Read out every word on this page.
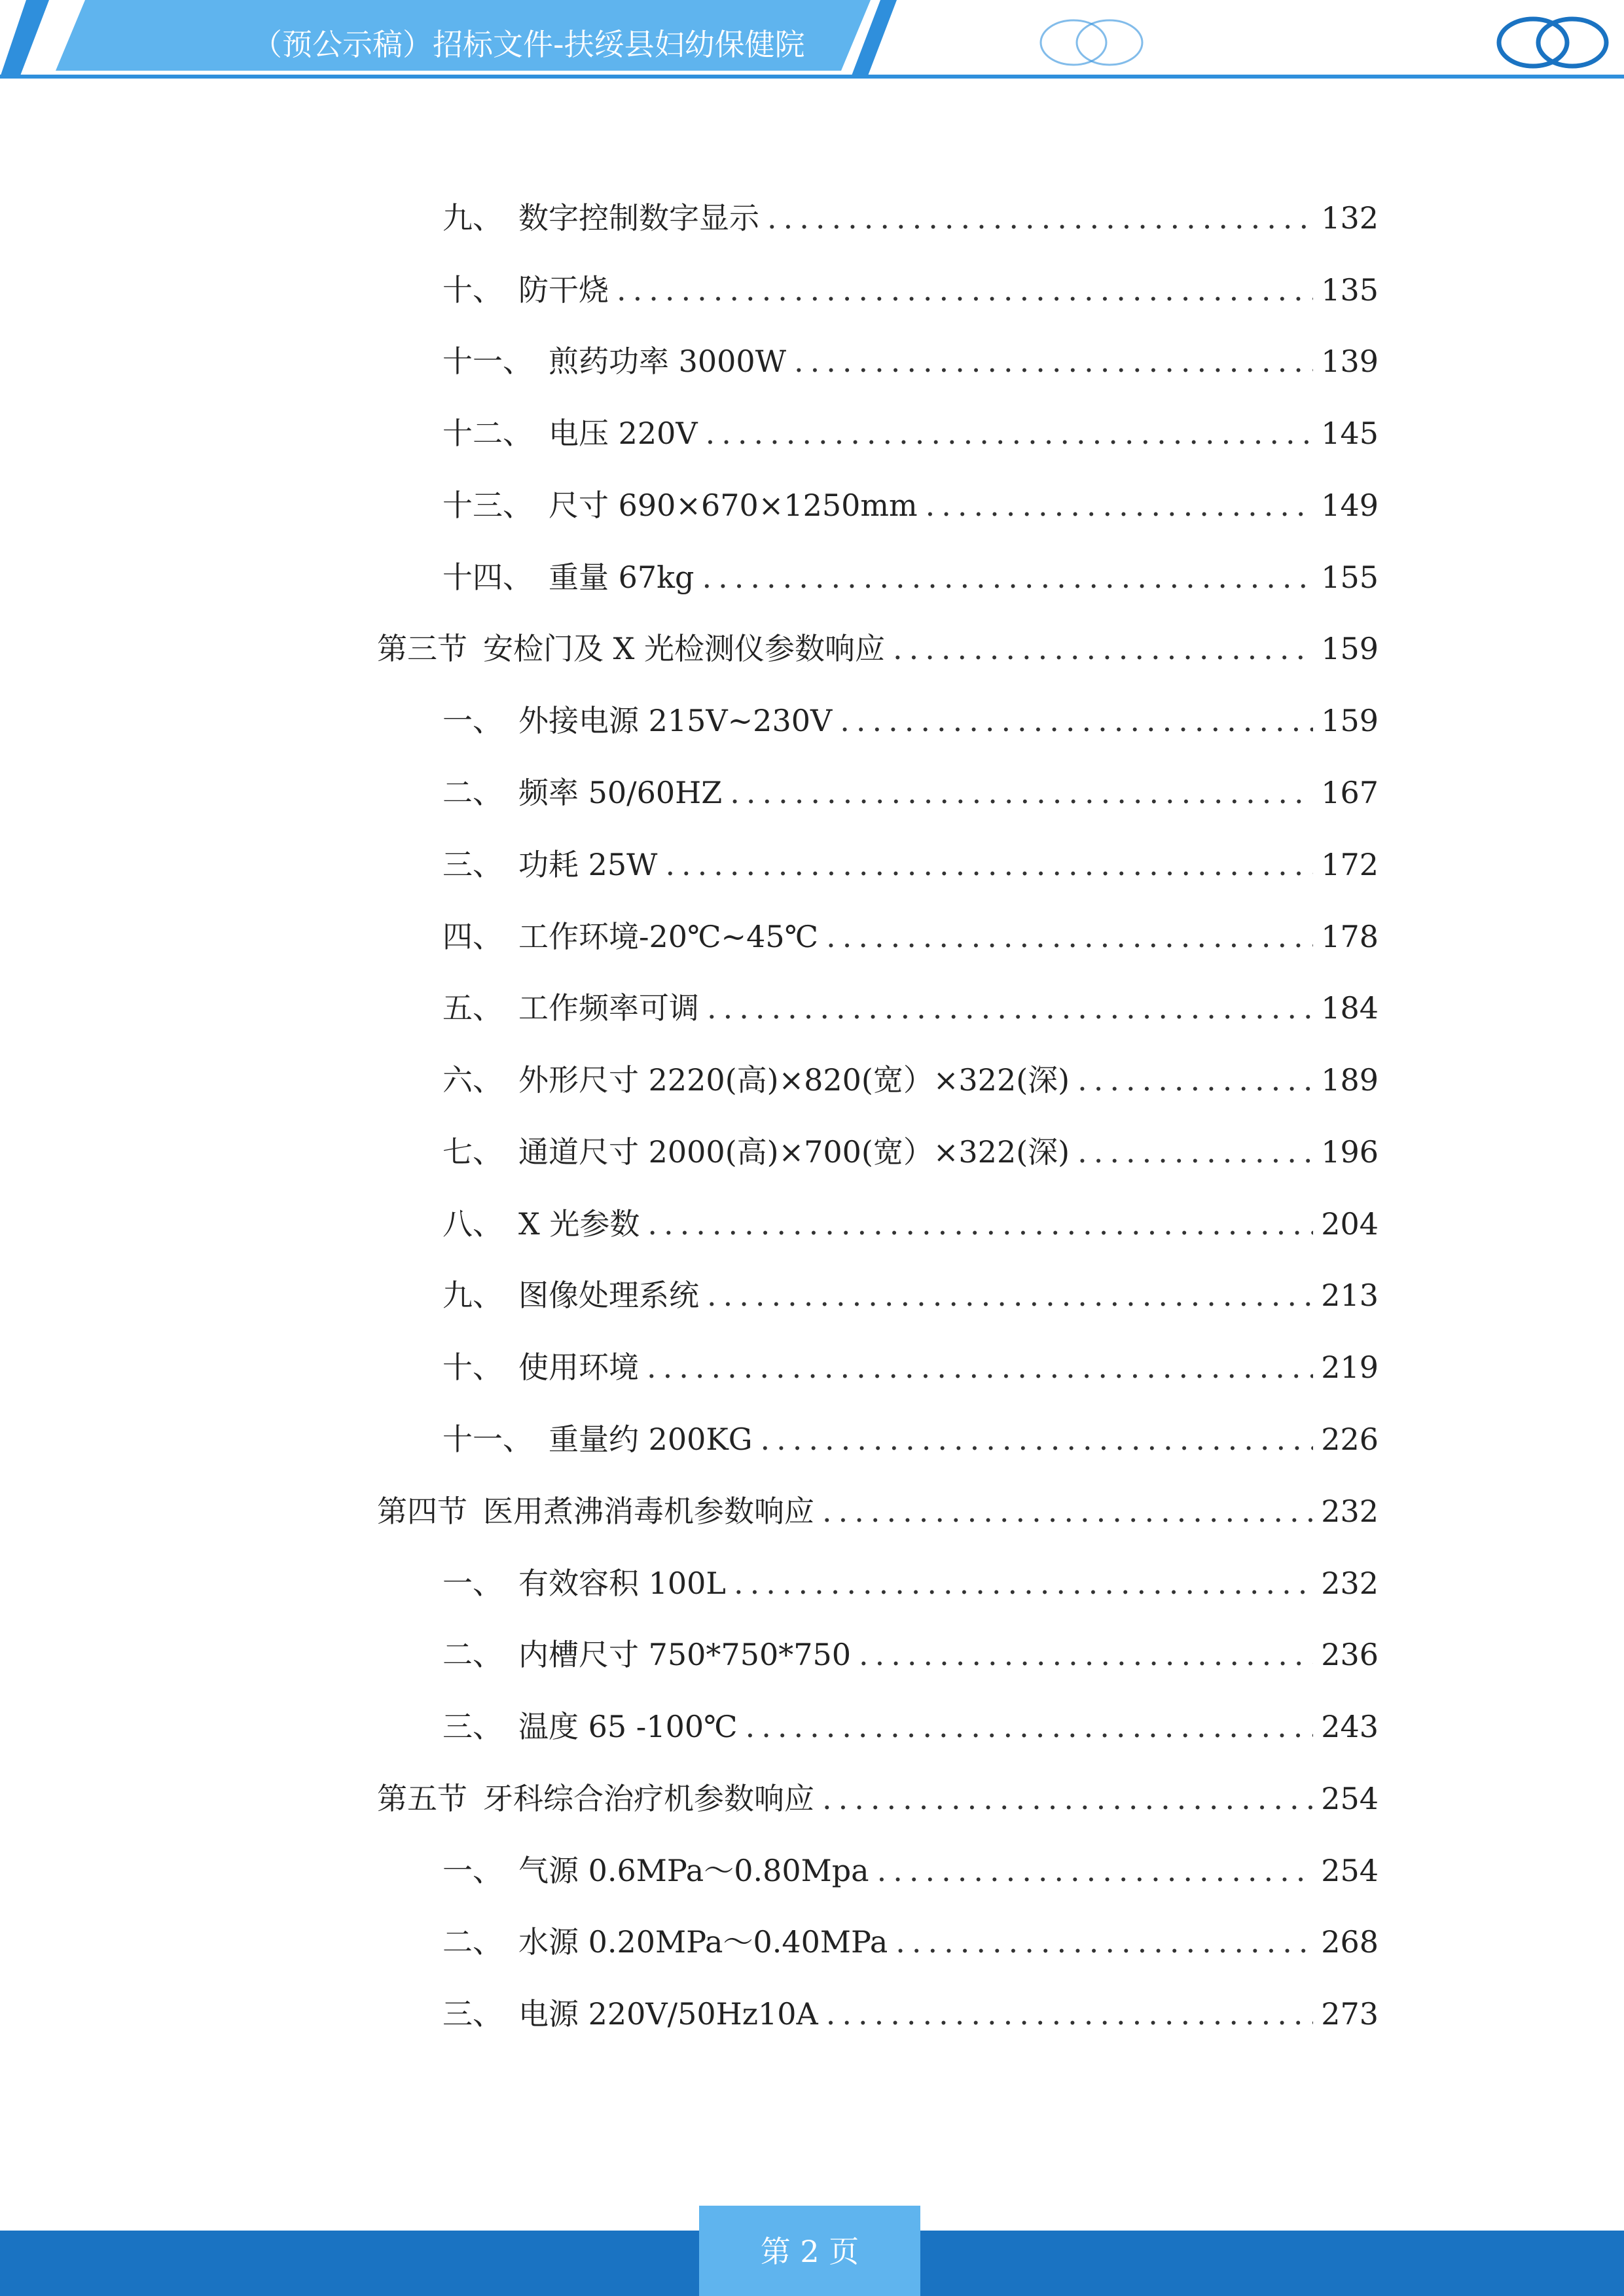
（预公示稿）招标文件-扶绥县妇幼保健院
九、 数字控制数字显示 .....	132
十、 防干烧 .....	135
十一、 煎药功率 3000W .....	139
十二、 电压 220V .....	145
十三、 尺寸 690×670×1250mm .....	149
十四、 重量 67kg .....	155
第三节 安检门及 X 光检测仪参数响应 .....	159
一、 外接电源 215V~230V .....	159
二、 频率 50/60HZ .....	167
三、 功耗 25W .....	172
四、 工作环境-20℃~45℃ .....	178
五、 工作频率可调 .....	184
六、 外形尺寸 2220(高)×820(宽）×322(深) .....	189
七、 通道尺寸 2000(高)×700(宽）×322(深) .....	196
八、 X 光参数 .....	204
九、 图像处理系统 .....	213
十、 使用环境 .....	219
十一、 重量约 200KG .....	226
第四节 医用煮沸消毒机参数响应 .....	232
一、 有效容积 100L .....	232
二、 内槽尺寸 750*750*750 .....	236
三、 温度 65 -100℃ .....	243
第五节 牙科综合治疗机参数响应 .....	254
一、 气源 0.6MPa～0.80Mpa .....	254
二、 水源 0.20MPa～0.40MPa .....	268
三、 电源 220V/50Hz10A .....	273
第 2 页
